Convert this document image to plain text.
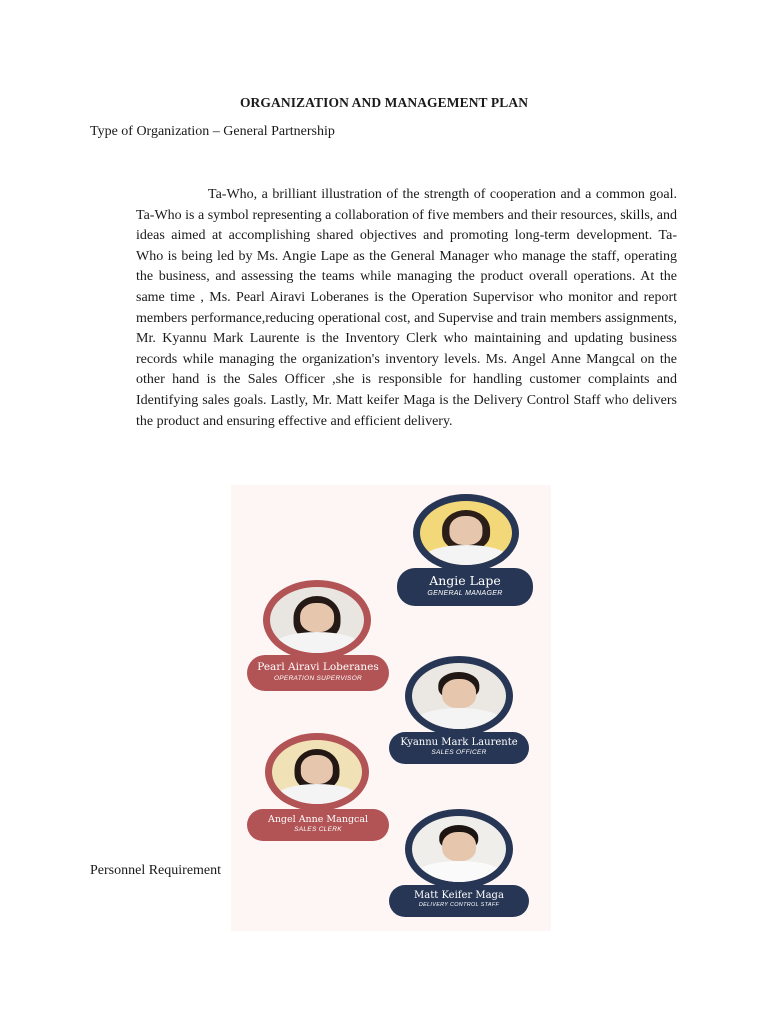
ORGANIZATION AND MANAGEMENT PLAN
Type of Organization – General Partnership

Ta-Who, a brilliant illustration of the strength of cooperation and a common goal. Ta-Who is a symbol representing a collaboration of five members and their resources, skills, and ideas aimed at accomplishing shared objectives and promoting long-term development. Ta- Who is being led by Ms. Angie Lape as the General Manager who manage the staff, operating the business, and assessing the teams while managing the product overall operations. At the same time , Ms. Pearl Airavi Loberanes is the Operation Supervisor who monitor and report members performance,reducing operational cost, and Supervise and train members assignments, Mr. Kyannu Mark Laurente is the Inventory Clerk who maintaining and updating business records while managing the organization's inventory levels. Ms. Angel Anne Mangcal on the other hand is the Sales Officer ,she is responsible for handling customer complaints and Identifying sales goals. Lastly, Mr. Matt keifer Maga is the Delivery Control Staff who delivers the product and ensuring effective and efficient delivery.

Personnel Requirement
Angie Lape
GENERAL MANAGER
Pearl Airavi Loberanes
OPERATION SUPERVISOR
Kyannu Mark Laurente
SALES OFFICER
Angel Anne Mangcal
SALES CLERK
Matt Keifer Maga
DELIVERY CONTROL STAFF
